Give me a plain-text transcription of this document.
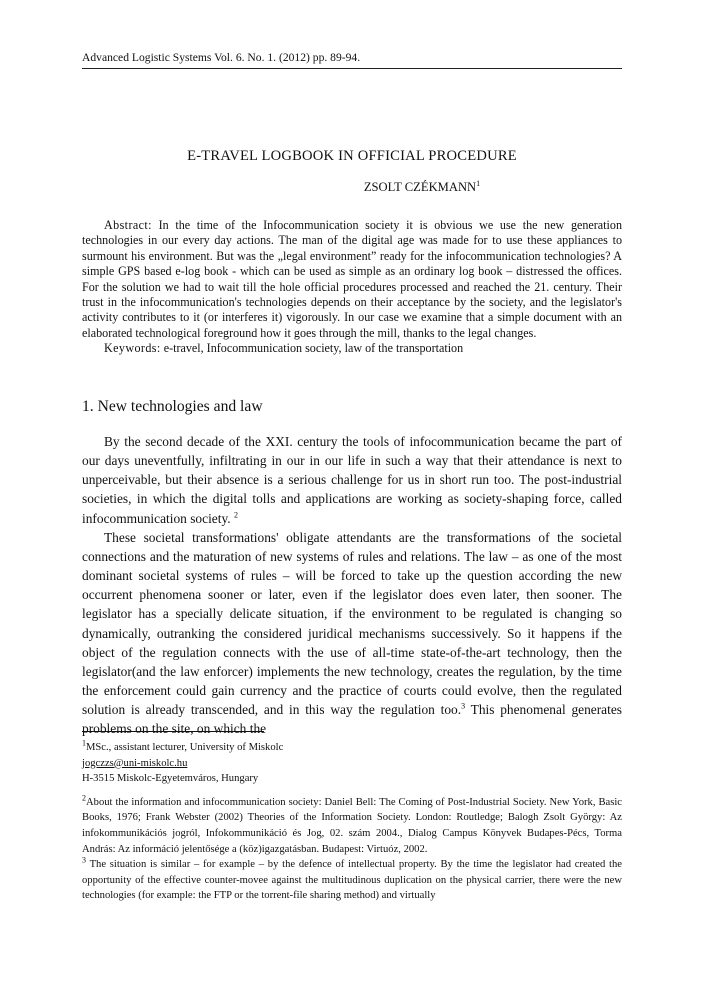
Advanced Logistic Systems Vol. 6. No. 1. (2012) pp. 89-94.
E-TRAVEL LOGBOOK IN OFFICIAL PROCEDURE
ZSOLT CZÉKMANN$^1$

Abstract: In the time of the Infocommunication society it is obvious we use the new generation technologies in our every day actions. The man of the digital age was made for to use these appliances to surmount his environment. But was the „legal environment” ready for the infocommunication technologies? A simple GPS based e-log book - which can be used as simple as an ordinary log book – distressed the offices. For the solution we had to wait till the hole official procedures processed and reached the 21. century. Their trust in the infocommunication's technologies depends on their acceptance by the society, and the legislator's activity contributes to it (or interferes it) vigorously. In our case we examine that a simple document with an elaborated technological foreground how it goes through the mill, thanks to the legal changes.

Keywords: e-travel, Infocommunication society, law of the transportation

1. New technologies and law

By the second decade of the XXI. century the tools of infocommunication became the part of our days uneventfully, infiltrating in our in our life in such a way that their attendance is next to unperceivable, but their absence is a serious challenge for us in short run too. The post-industrial societies, in which the digital tolls and applications are working as society-shaping force, called infocommunication society. $^2$

These societal transformations' obligate attendants are the transformations of the societal connections and the maturation of new systems of rules and relations. The law – as one of the most dominant societal systems of rules – will be forced to take up the question according the new occurrent phenomena sooner or later, even if the legislator does even later, then sooner. The legislator has a specially delicate situation, if the environment to be regulated is changing so dynamically, outranking the considered juridical mechanisms successively. So it happens if the object of the regulation connects with the use of all-time state-of-the-art technology, then the legislator(and the law enforcer) implements the new technology, creates the regulation, by the time the enforcement could gain currency and the practice of courts could evolve, then the regulated solution is already transcended, and in this way the regulation too.$^3$ This phenomenal generates problems on the site, on which the

$^1$MSc., assistant lecturer, University of Miskolc

jogczzs@uni-miskolc.hu

H-3515 Miskolc-Egyetemváros, Hungary

$^2$About the information and infocommunication society: Daniel Bell: The Coming of Post-Industrial Society. New York, Basic Books, 1976; Frank Webster (2002) Theories of the Information Society. London: Routledge; Balogh Zsolt György: Az infokommunikációs jogról, Infokommunikáció és Jog, 02. szám 2004., Dialog Campus Könyvek Budapes-Pécs, Torma András: Az információ jelentősége a (köz)igazgatásban. Budapest: Virtuóz, 2002.

$^3$ The situation is similar – for example – by the defence of intellectual property. By the time the legislator had created the opportunity of the effective counter-movee against the multitudinous duplication on the physical carrier, there were the new technologies (for example: the FTP or the torrent-file sharing method) and virtually
